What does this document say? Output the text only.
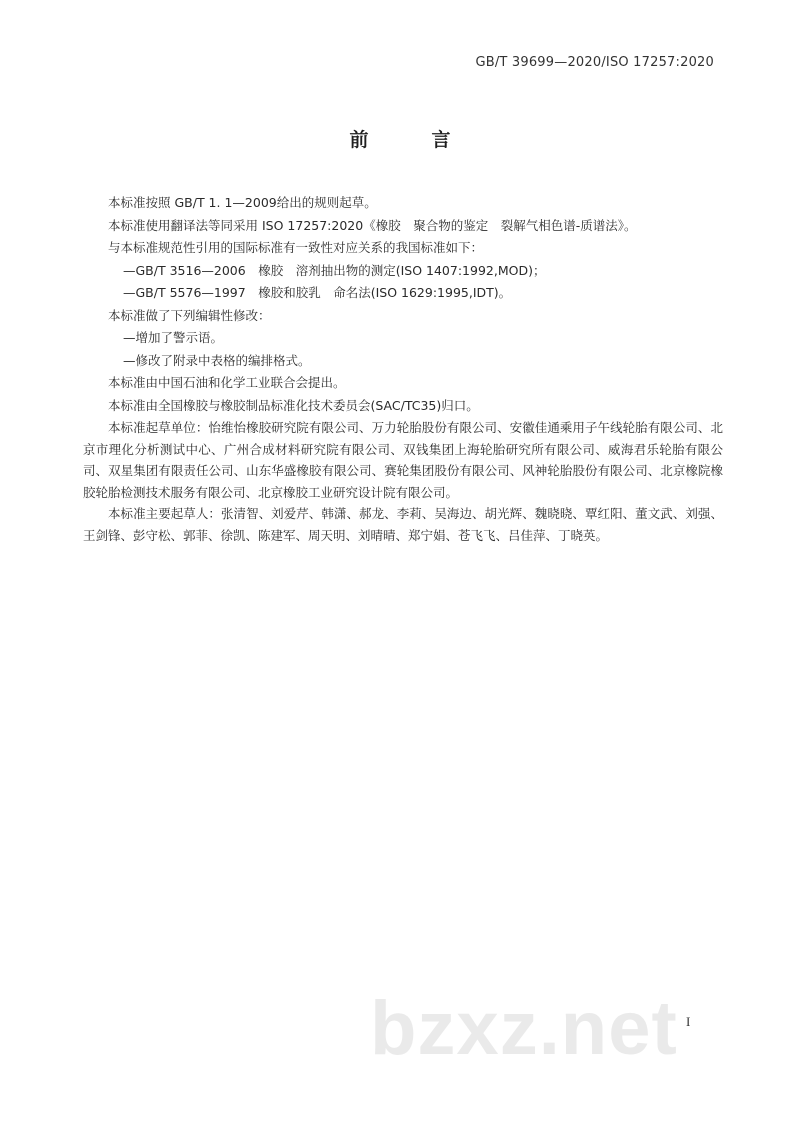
GB/T 39699—2020/ISO 17257:2020
前　言

本标准按照 GB/T 1. 1—2009给出的规则起草。

本标准使用翻译法等同采用 ISO 17257:2020《橡胶　聚合物的鉴定　裂解气相色谱-质谱法》。

与本标准规范性引用的国际标准有一致性对应关系的我国标准如下：

—GB/T 3516—2006　橡胶　溶剂抽出物的测定(ISO 1407:1992,MOD)；

—GB/T 5576—1997　橡胶和胶乳　命名法(ISO 1629:1995,IDT)。

本标准做了下列编辑性修改：

—增加了警示语。

—修改了附录中表格的编排格式。

本标准由中国石油和化学工业联合会提出。

本标准由全国橡胶与橡胶制品标准化技术委员会(SAC/TC35)归口。

本标准起草单位：怡维怡橡胶研究院有限公司、万力轮胎股份有限公司、安徽佳通乘用子午线轮胎有限公司、北京市理化分析测试中心、广州合成材料研究院有限公司、双钱集团上海轮胎研究所有限公司、威海君乐轮胎有限公司、双星集团有限责任公司、山东华盛橡胶有限公司、赛轮集团股份有限公司、风神轮胎股份有限公司、北京橡院橡胶轮胎检测技术服务有限公司、北京橡胶工业研究设计院有限公司。

本标准主要起草人：张清智、刘爱芹、韩潇、郝龙、李莉、吴海边、胡光辉、魏晓晓、覃红阳、董文武、刘强、王剑锋、彭守松、郭菲、徐凯、陈建军、周天明、刘晴晴、郑宁娟、苍飞飞、吕佳萍、丁晓英。

bzxz.net I
